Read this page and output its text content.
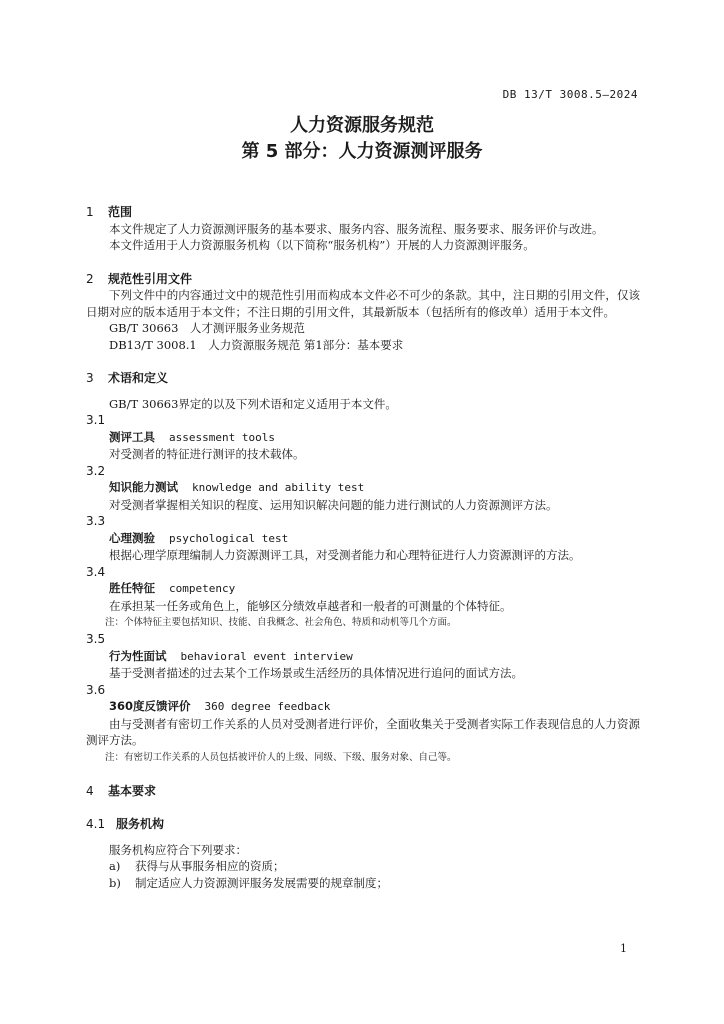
DB 13/T 3008.5—2024
人力资源服务规范
第 5 部分：人力资源测评服务
1	范围

本文件规定了人力资源测评服务的基本要求、服务内容、服务流程、服务要求、服务评价与改进。

本文件适用于人力资源服务机构（以下简称“服务机构”）开展的人力资源测评服务。

2	规范性引用文件

下列文件中的内容通过文中的规范性引用而构成本文件必不可少的条款。其中，注日期的引用文件，仅该日期对应的版本适用于本文件；不注日期的引用文件，其最新版本（包括所有的修改单）适用于本文件。

GB/T 30663　人才测评服务业务规范
DB13/T 3008.1　人力资源服务规范 第1部分：基本要求
3	术语和定义
GB/T 30663界定的以及下列术语和定义适用于本文件。
3.1
测评工具 assessment tools
对受测者的特征进行测评的技术载体。
3.2
知识能力测试 knowledge and ability test
对受测者掌握相关知识的程度、运用知识解决问题的能力进行测试的人力资源测评方法。
3.3
心理测验 psychological test
根据心理学原理编制人力资源测评工具，对受测者能力和心理特征进行人力资源测评的方法。
3.4
胜任特征 competency
在承担某一任务或角色上，能够区分绩效卓越者和一般者的可测量的个体特征。
注：个体特征主要包括知识、技能、自我概念、社会角色、特质和动机等几个方面。
3.5
行为性面试 behavioral event interview
基于受测者描述的过去某个工作场景或生活经历的具体情况进行追问的面试方法。
3.6
360度反馈评价 360 degree feedback
由与受测者有密切工作关系的人员对受测者进行评价，全面收集关于受测者实际工作表现信息的人力资源测评方法。
注：有密切工作关系的人员包括被评价人的上级、同级、下级、服务对象、自己等。
4	基本要求
4.1 服务机构
服务机构应符合下列要求：
a)	获得与从事服务相应的资质；
b)	制定适应人力资源测评服务发展需要的规章制度；
1
